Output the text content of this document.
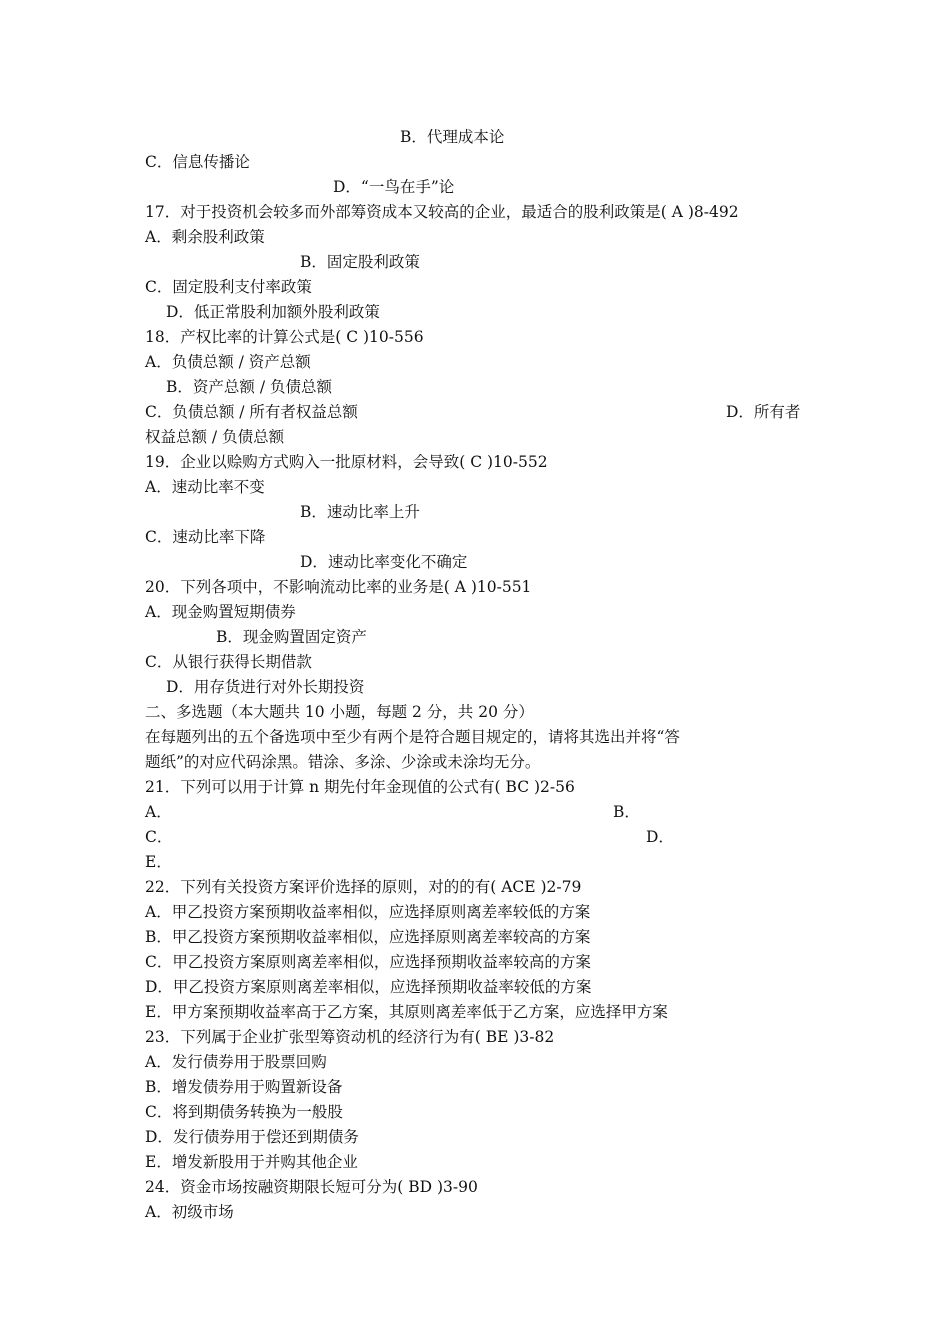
B．代理成本论
C．信息传播论
D．“一鸟在手”论
17．对于投资机会较多而外部筹资成本又较高的企业，最适合的股利政策是( A )8-492
A．剩余股利政策
B．固定股利政策
C．固定股利支付率政策
D．低正常股利加额外股利政策
18．产权比率的计算公式是( C )10-556
A．负债总额 / 资产总额
B．资产总额 / 负债总额
C．负债总额 / 所有者权益总额	D．所有者
权益总额 / 负债总额
19．企业以赊购方式购入一批原材料，会导致( C )10-552
A．速动比率不变
B．速动比率上升
C．速动比率下降
D．速动比率变化不确定
20．下列各项中，不影响流动比率的业务是( A )10-551
A．现金购置短期债券
B．现金购置固定资产
C．从银行获得长期借款
D．用存货进行对外长期投资
二、多选题（本大题共 10 小题，每题 2 分，共 20 分）
在每题列出的五个备选项中至少有两个是符合题目规定的，请将其选出并将“答
题纸”的对应代码涂黑。错涂、多涂、少涂或未涂均无分。
21．下列可以用于计算 n 期先付年金现值的公式有( BC )2-56
A．	B．
C．	D．
E．
22．下列有关投资方案评价选择的原则，对的的有( ACE )2-79
A．甲乙投资方案预期收益率相似，应选择原则离差率较低的方案
B．甲乙投资方案预期收益率相似，应选择原则离差率较高的方案
C．甲乙投资方案原则离差率相似，应选择预期收益率较高的方案
D．甲乙投资方案原则离差率相似，应选择预期收益率较低的方案
E．甲方案预期收益率高于乙方案，其原则离差率低于乙方案，应选择甲方案
23．下列属于企业扩张型筹资动机的经济行为有( BE )3-82
A．发行债券用于股票回购
B．增发债券用于购置新设备
C．将到期债务转换为一般股
D．发行债券用于偿还到期债务
E．增发新股用于并购其他企业
24．资金市场按融资期限长短可分为( BD )3-90
A．初级市场
